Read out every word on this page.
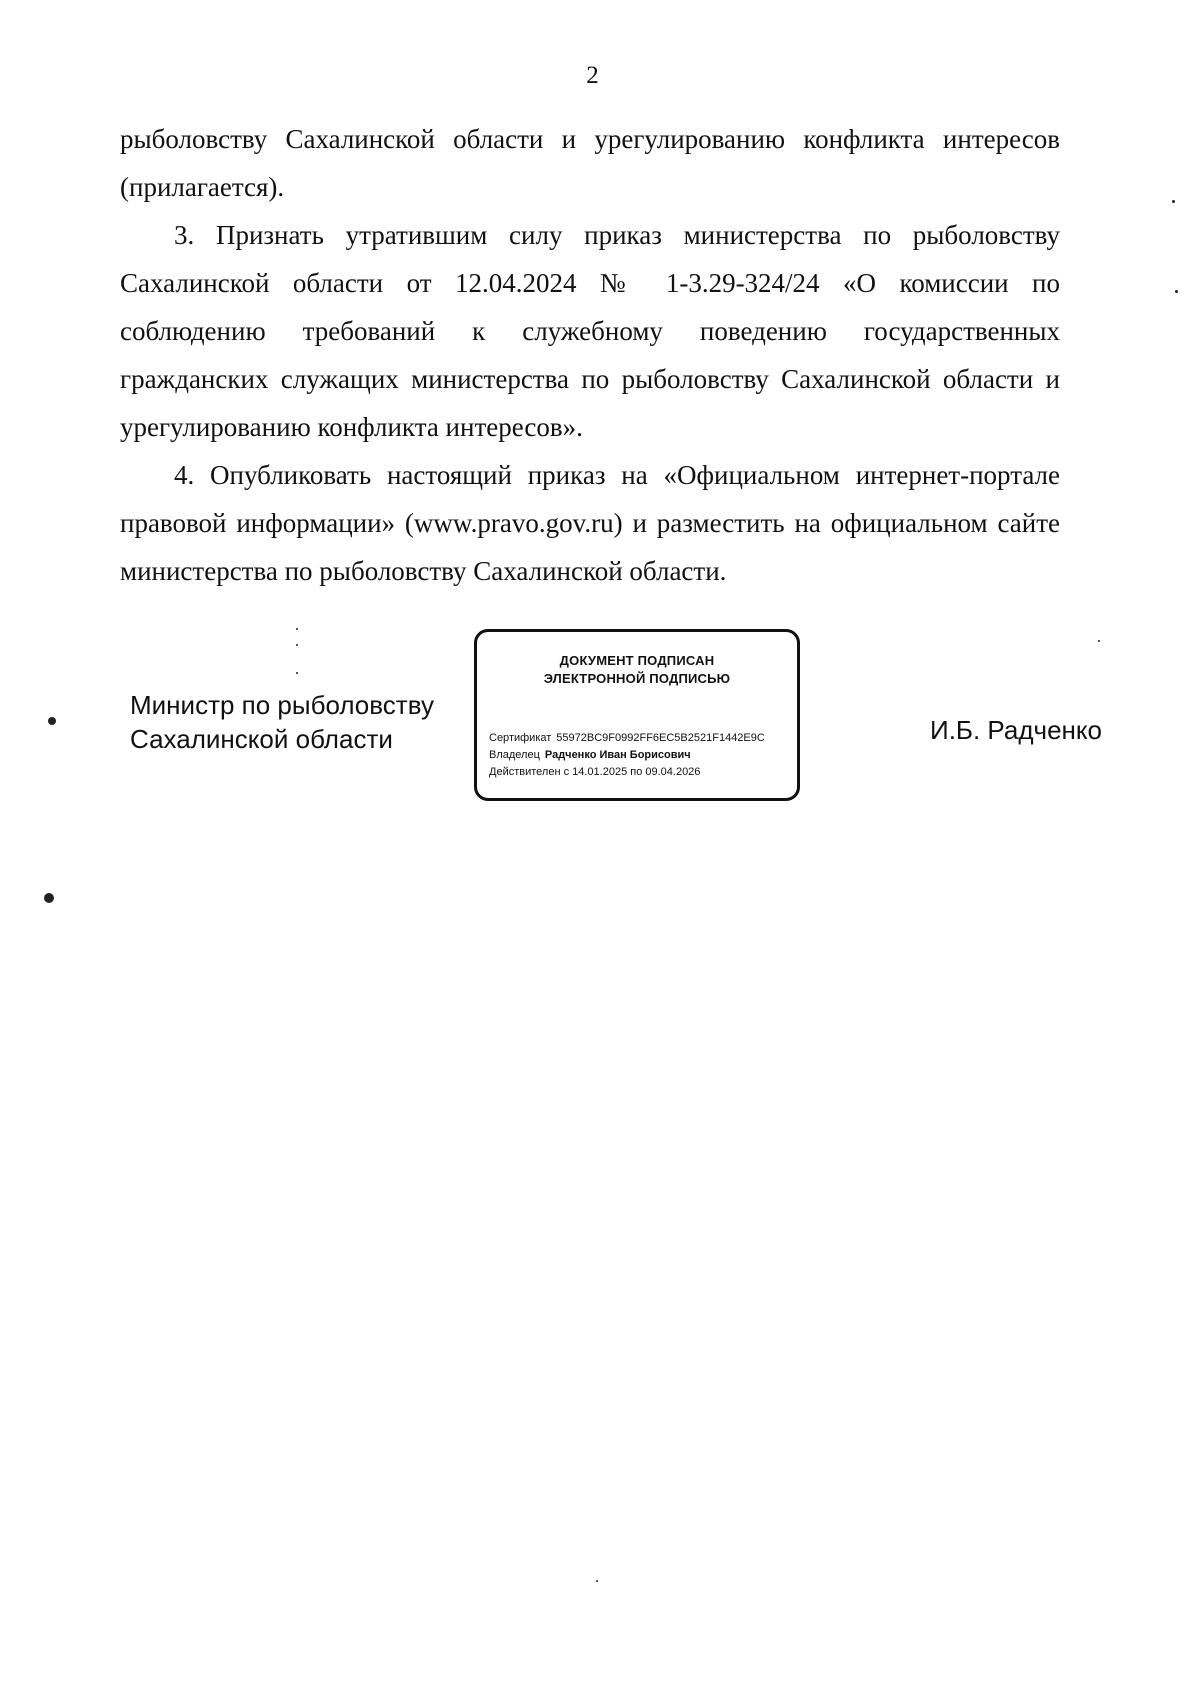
2

рыболовству Сахалинской области и урегулированию конфликта интересов (прилагается).

3. Признать утратившим силу приказ министерства по рыболовству Сахалинской области от 12.04.2024 № 1-3.29-324/24 «О комиссии по соблюдению требований к служебному поведению государственных гражданских служащих министерства по рыболовству Сахалинской области и урегулированию конфликта интересов».

4. Опубликовать настоящий приказ на «Официальном интернет-портале правовой информации» (www.pravo.gov.ru) и разместить на официальном сайте министерства по рыболовству Сахалинской области.

Министр по рыболовству
Сахалинской области
ДОКУМЕНТ ПОДПИСАН
ЭЛЕКТРОННОЙ ПОДПИСЬЮ
Сертификат 55972BC9F0992FF6EC5B2521F1442E9C
Владелец Радченко Иван Борисович
Действителен с 14.01.2025 по 09.04.2026
И.Б. Радченко
